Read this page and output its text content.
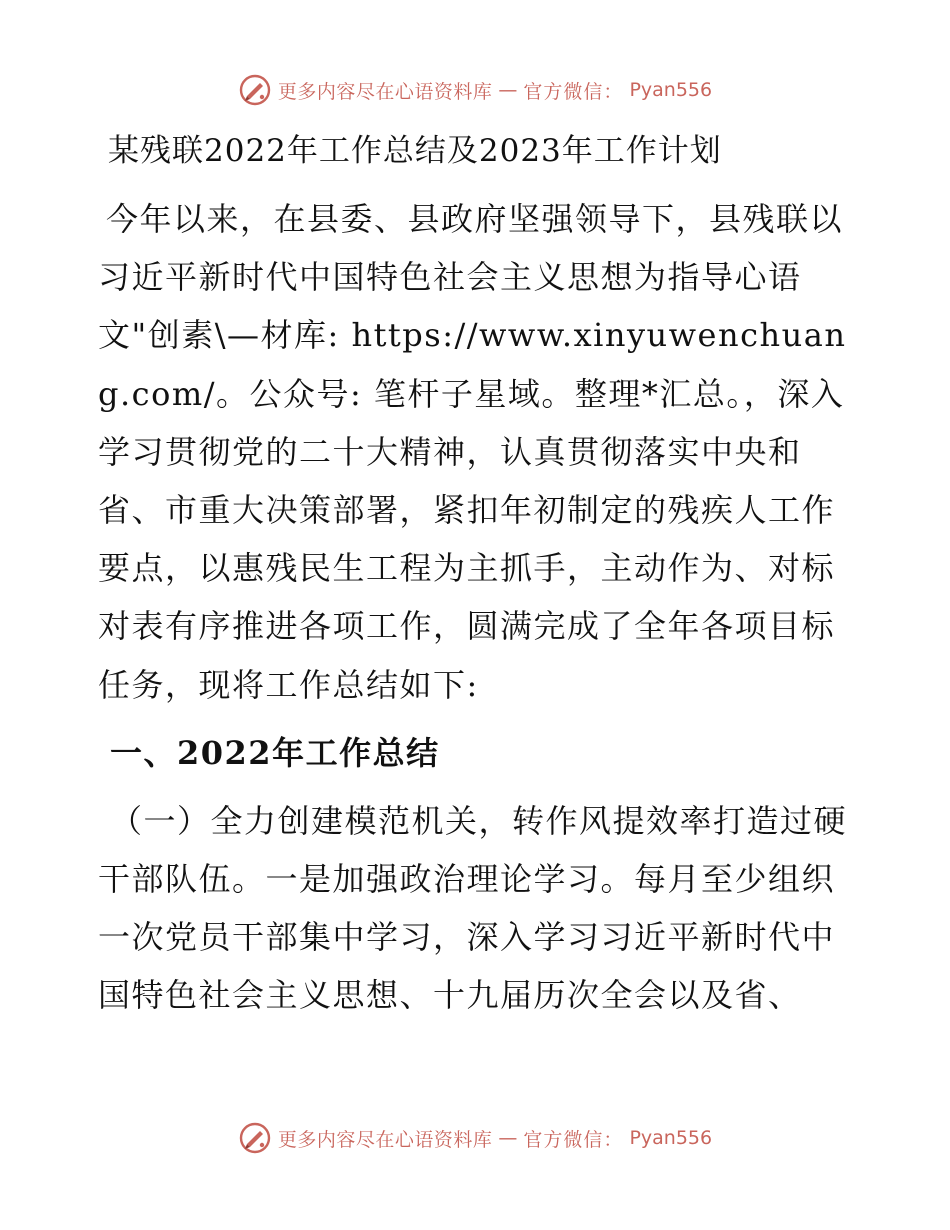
更多内容尽在心语资料库 — 官方微信： Pyan556
某残联2022年工作总结及2023年工作计划

今年以来，在县委、县政府坚强领导下，县残联以习近平新时代中国特色社会主义思想为指导心语文"创素\—材库: https://www.xinyuwenchuang.com/。公众号: 笔杆子星域。整理*汇总。，深入学习贯彻党的二十大精神，认真贯彻落实中央和省、市重大决策部署，紧扣年初制定的残疾人工作要点，以惠残民生工程为主抓手，主动作为、对标对表有序推进各项工作，圆满完成了全年各项目标任务，现将工作总结如下:

一、2022年工作总结

（一）全力创建模范机关，转作风提效率打造过硬干部队伍。一是加强政治理论学习。每月至少组织一次党员干部集中学习，深入学习习近平新时代中国特色社会主义思想、十九届历次全会以及省、

更多内容尽在心语资料库 — 官方微信： Pyan556
